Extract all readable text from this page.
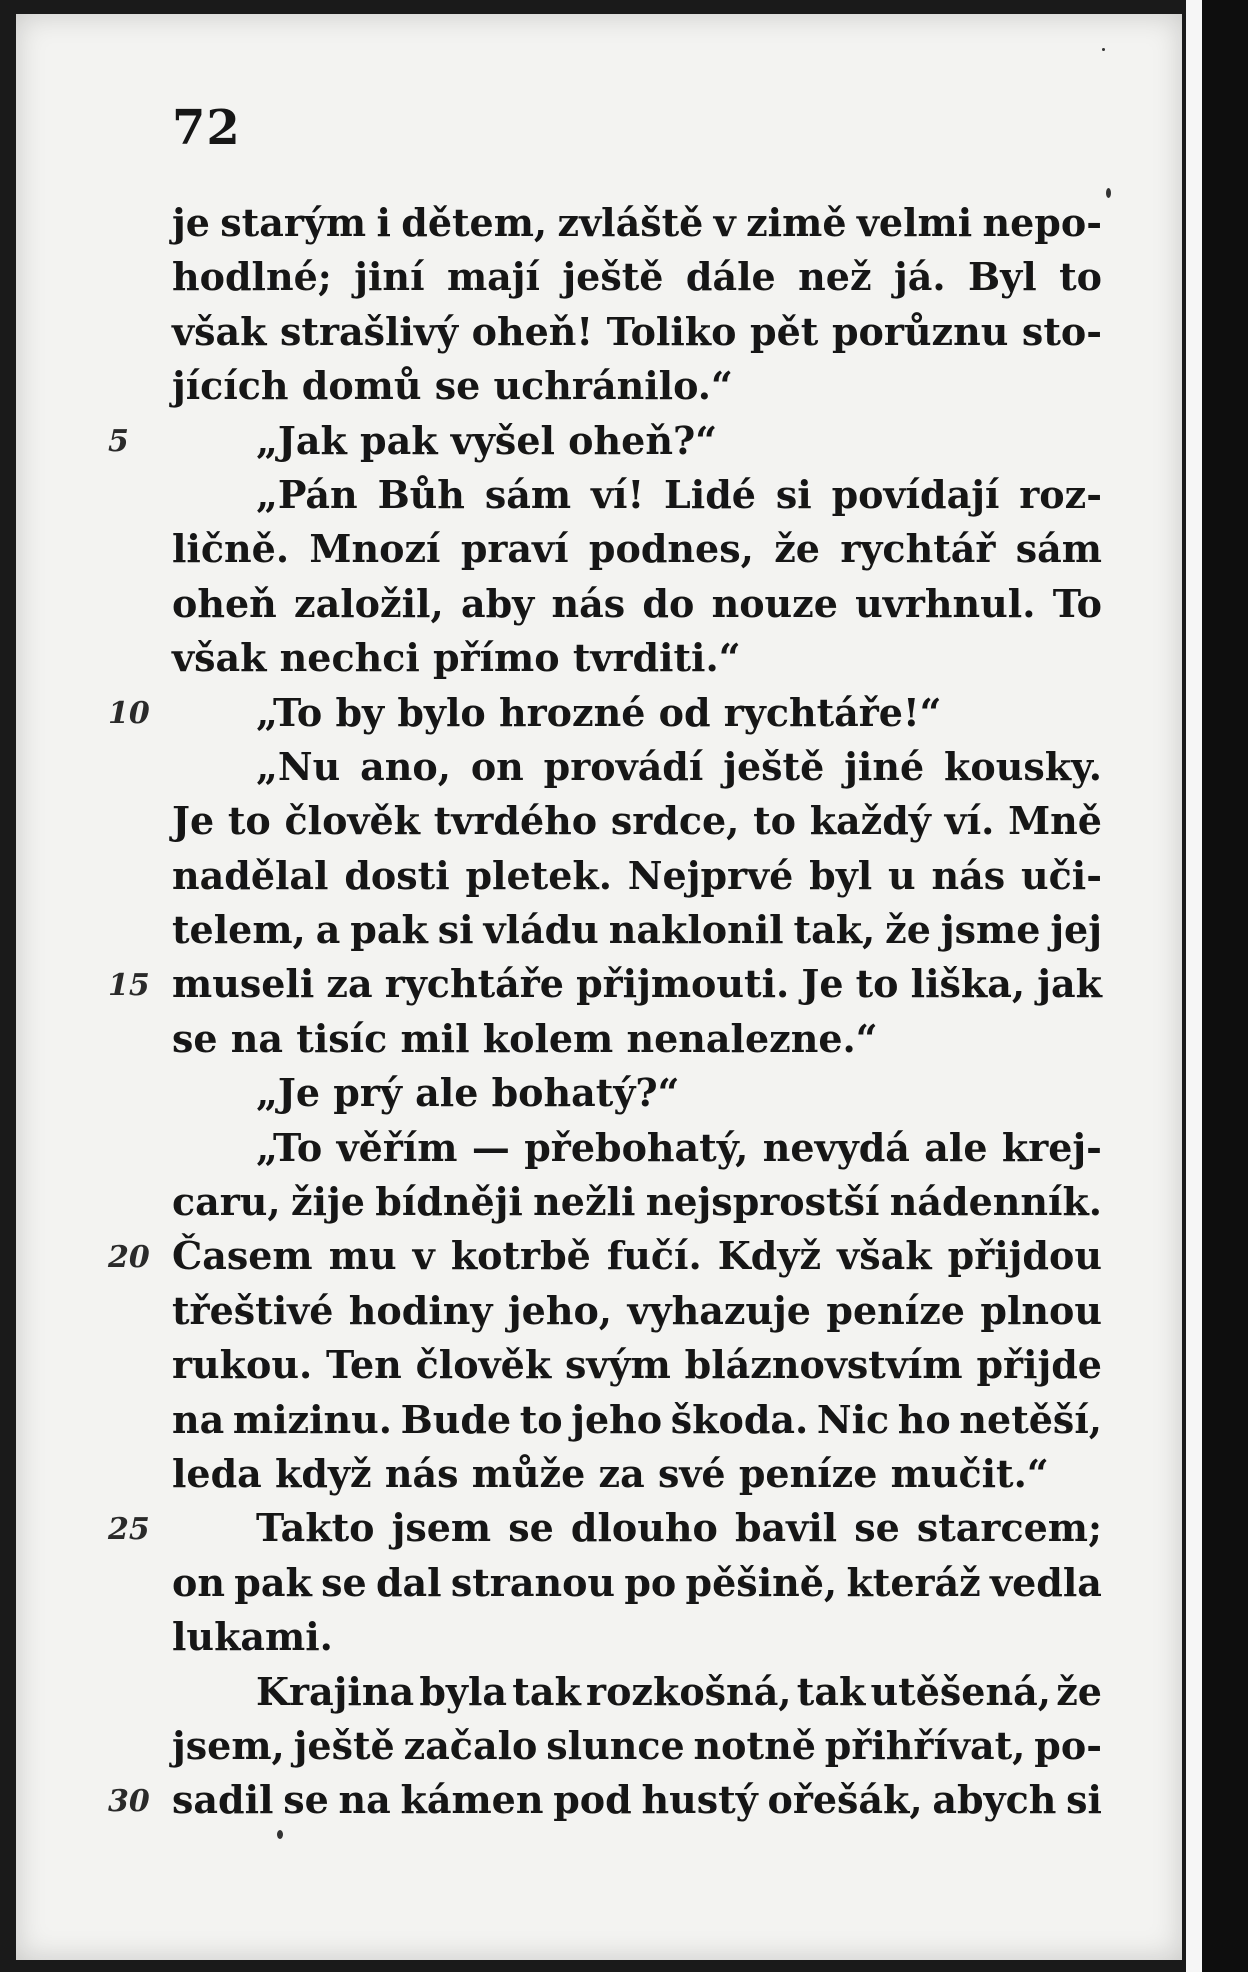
72
je starým i dětem, zvláště v zimě velmi nepo-
hodlné; jiní mají ještě dále než já. Byl to
však strašlivý oheň! Toliko pět porůznu sto-
jících domů se uchránilo.“
„Jak pak vyšel oheň?“
„Pán Bůh sám ví! Lidé si povídají roz-
ličně. Mnozí praví podnes, že rychtář sám
oheň založil, aby nás do nouze uvrhnul. To
však nechci přímo tvrditi.“
„To by bylo hrozné od rychtáře!“
„Nu ano, on provádí ještě jiné kousky.
Je to člověk tvrdého srdce, to každý ví. Mně
nadělal dosti pletek. Nejprvé byl u nás uči-
telem, a pak si vládu naklonil tak, že jsme jej
museli za rychtáře přijmouti. Je to liška, jak
se na tisíc mil kolem nenalezne.“
„Je prý ale bohatý?“
„To věřím — přebohatý, nevydá ale krej-
caru, žije bídněji nežli nejsprostší nádenník.
Časem mu v kotrbě fučí. Když však přijdou
třeštivé hodiny jeho, vyhazuje peníze plnou
rukou. Ten člověk svým bláznovstvím přijde
na mizinu. Bude to jeho škoda. Nic ho netěší,
leda když nás může za své peníze mučit.“
Takto jsem se dlouho bavil se starcem;
on pak se dal stranou po pěšině, kteráž vedla
lukami.
Krajina byla tak rozkošná, tak utěšená, že
jsem, ještě začalo slunce notně přihřívat, po-
sadil se na kámen pod hustý ořešák, abych si
5
10
15
20
25
30
